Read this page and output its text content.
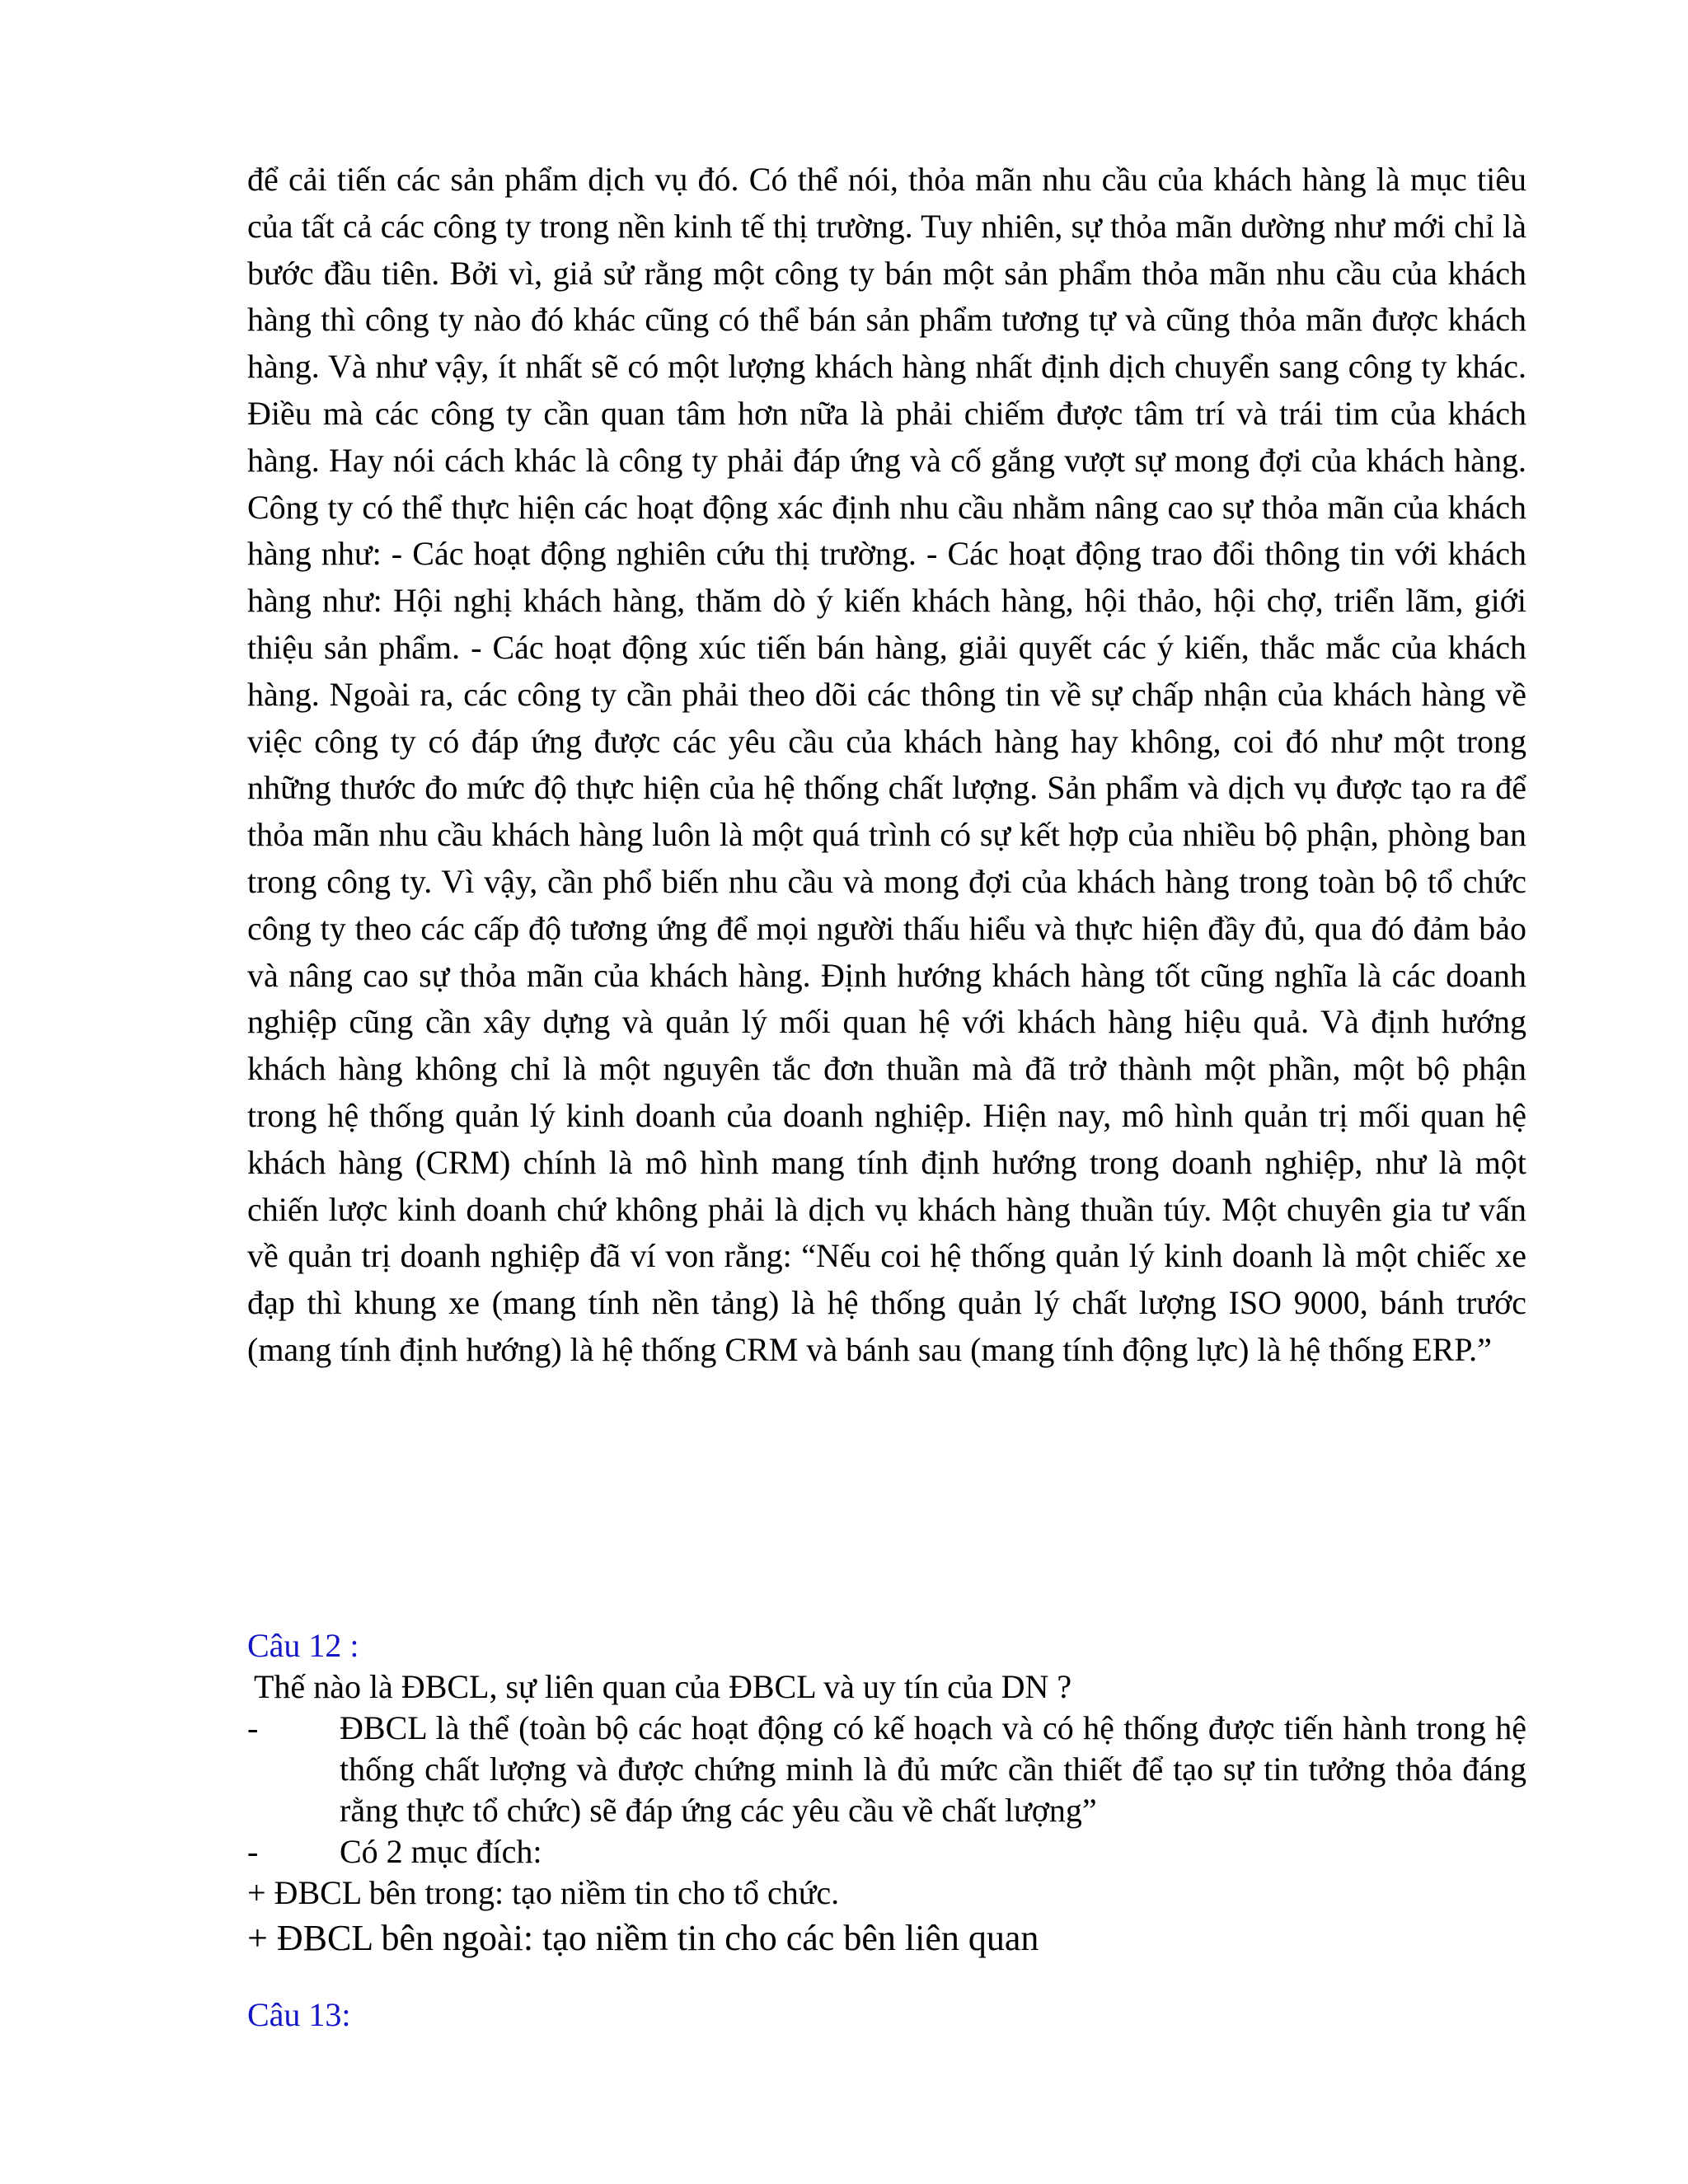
để cải tiến các sản phẩm dịch vụ đó. Có thể nói, thỏa mãn nhu cầu của khách hàng là mục tiêu của tất cả các công ty trong nền kinh tế thị trường. Tuy nhiên, sự thỏa mãn dường như mới chỉ là bước đầu tiên. Bởi vì, giả sử rằng một công ty bán một sản phẩm thỏa mãn nhu cầu của khách hàng thì công ty nào đó khác cũng có thể bán sản phẩm tương tự và cũng thỏa mãn được khách hàng. Và như vậy, ít nhất sẽ có một lượng khách hàng nhất định dịch chuyển sang công ty khác. Điều mà các công ty cần quan tâm hơn nữa là phải chiếm được tâm trí và trái tim của khách hàng. Hay nói cách khác là công ty phải đáp ứng và cố gắng vượt sự mong đợi của khách hàng. Công ty có thể thực hiện các hoạt động xác định nhu cầu nhằm nâng cao sự thỏa mãn của khách hàng như: - Các hoạt động nghiên cứu thị trường. - Các hoạt động trao đổi thông tin với khách hàng như: Hội nghị khách hàng, thăm dò ý kiến khách hàng, hội thảo, hội chợ, triển lãm, giới thiệu sản phẩm. - Các hoạt động xúc tiến bán hàng, giải quyết các ý kiến, thắc mắc của khách hàng. Ngoài ra, các công ty cần phải theo dõi các thông tin về sự chấp nhận của khách hàng về việc công ty có đáp ứng được các yêu cầu của khách hàng hay không, coi đó như một trong những thước đo mức độ thực hiện của hệ thống chất lượng. Sản phẩm và dịch vụ được tạo ra để thỏa mãn nhu cầu khách hàng luôn là một quá trình có sự kết hợp của nhiều bộ phận, phòng ban trong công ty. Vì vậy, cần phổ biến nhu cầu và mong đợi của khách hàng trong toàn bộ tổ chức công ty theo các cấp độ tương ứng để mọi người thấu hiểu và thực hiện đầy đủ, qua đó đảm bảo và nâng cao sự thỏa mãn của khách hàng. Định hướng khách hàng tốt cũng nghĩa là các doanh nghiệp cũng cần xây dựng và quản lý mối quan hệ với khách hàng hiệu quả. Và định hướng khách hàng không chỉ là một nguyên tắc đơn thuần mà đã trở thành một phần, một bộ phận trong hệ thống quản lý kinh doanh của doanh nghiệp. Hiện nay, mô hình quản trị mối quan hệ khách hàng (CRM) chính là mô hình mang tính định hướng trong doanh nghiệp, như là một chiến lược kinh doanh chứ không phải là dịch vụ khách hàng thuần túy. Một chuyên gia tư vấn về quản trị doanh nghiệp đã ví von rằng: “Nếu coi hệ thống quản lý kinh doanh là một chiếc xe đạp thì khung xe (mang tính nền tảng) là hệ thống quản lý chất lượng ISO 9000, bánh trước (mang tính định hướng) là hệ thống CRM và bánh sau (mang tính động lực) là hệ thống ERP.”

Câu 12 :

Thế nào là ĐBCL, sự liên quan của ĐBCL và uy tín của DN ?

-	ĐBCL là thể (toàn bộ các hoạt động có kế hoạch và có hệ thống được tiến hành trong hệ thống chất lượng và được chứng minh là đủ mức cần thiết để tạo sự tin tưởng thỏa đáng rằng thực tổ chức) sẽ đáp ứng các yêu cầu về chất lượng”
-	Có 2 mục đích:

+ ĐBCL bên trong: tạo niềm tin cho tổ chức.

+ ĐBCL bên ngoài: tạo niềm tin cho các bên liên quan

Câu 13:
